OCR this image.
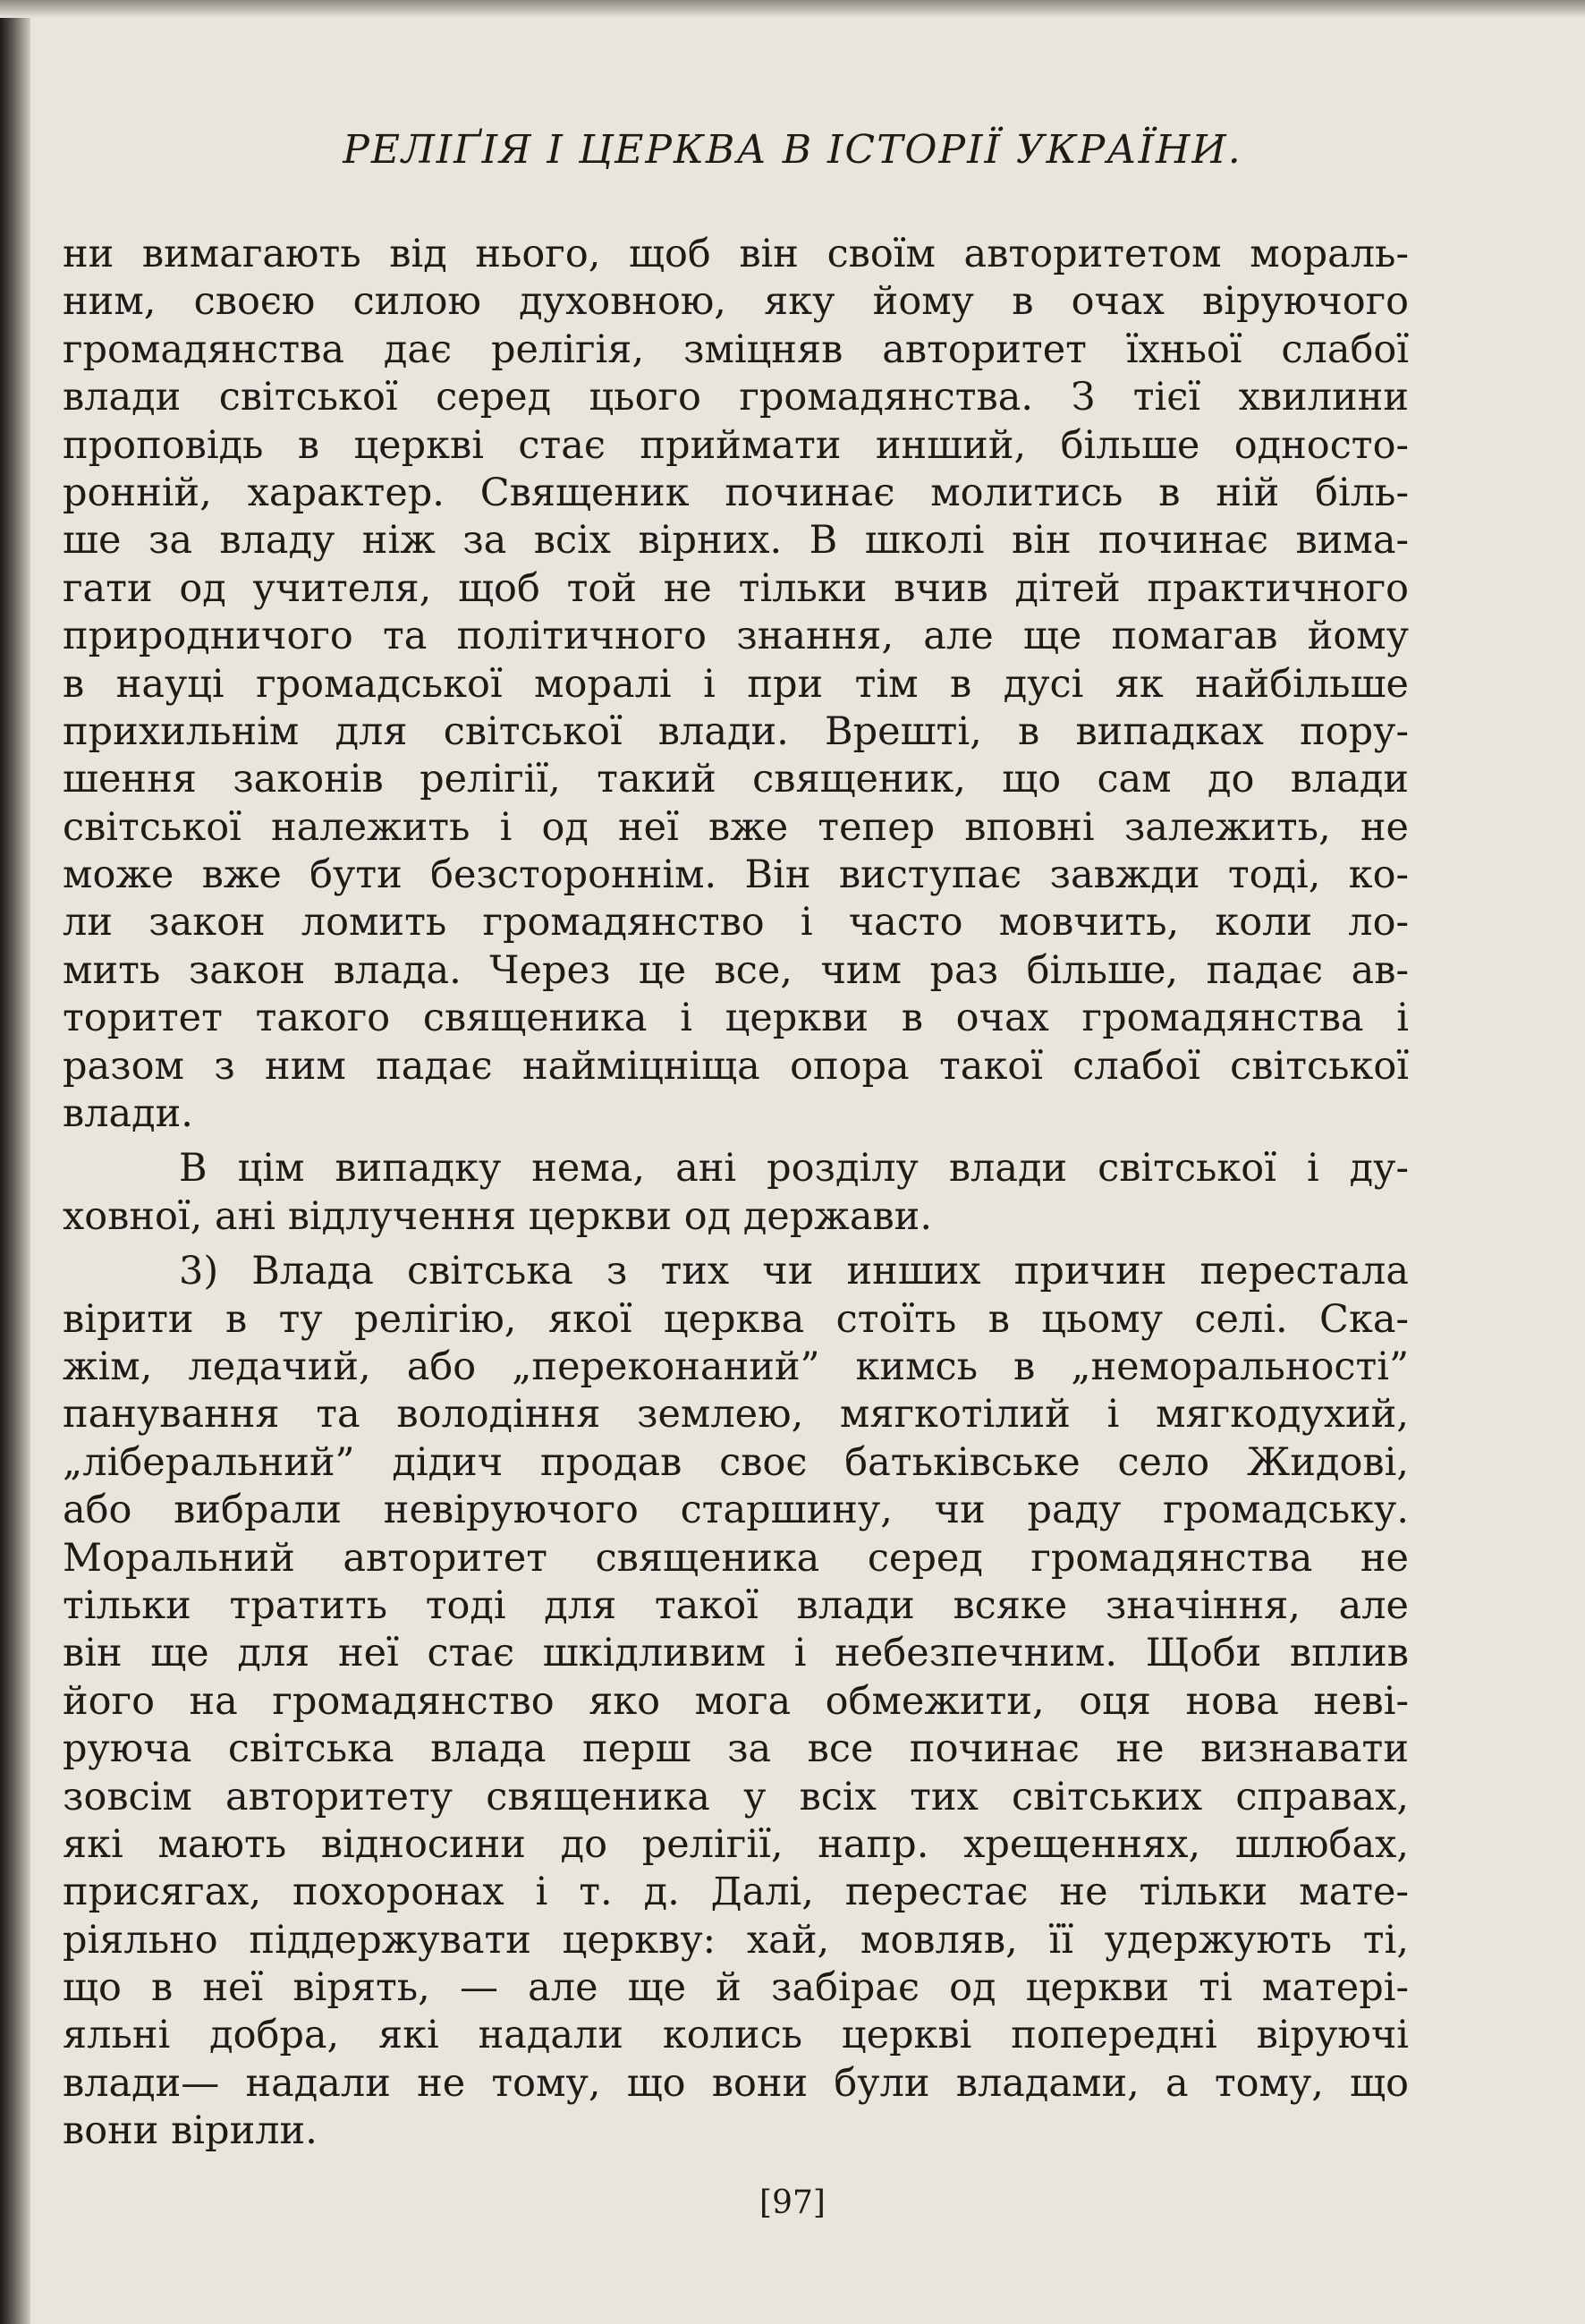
РЕЛІҐІЯ І ЦЕРКВА В ІСТОРІЇ УКРАЇНИ.
ни вимагають від нього, щоб він своїм авторитетом мораль-
ним, своєю силою духовною, яку йому в очах віруючого
громадянства дає релігія, зміцняв авторитет їхньої слабої
влади світської серед цього громадянства. З тієї хвилини
проповідь в церкві стає приймати инший, більше односто-
ронній, характер. Священик починає молитись в ній біль-
ше за владу ніж за всіх вірних. В школі він починає вима-
гати од учителя, щоб той не тільки вчив дітей практичного
природничого та політичного знання, але ще помагав йому
в науці громадської моралі і при тім в дусі як найбільше
прихильнім для світської влади. Врешті, в випадках пору-
шення законів релігії, такий священик, що сам до влади
світської належить і од неї вже тепер вповні залежить, не
може вже бути безстороннім. Він виступає завжди тоді, ко-
ли закон ломить громадянство і часто мовчить, коли ло-
мить закон влада. Через це все, чим раз більше, падає ав-
торитет такого священика і церкви в очах громадянства і
разом з ним падає найміцніща опора такої слабої світської
влади.
В цім випадку нема, ані розділу влади світської і ду-
ховної, ані відлучення церкви од держави.
3) Влада світська з тих чи инших причин перестала
вірити в ту релігію, якої церква стоїть в цьому селі. Ска-
жім, ледачий, або „переконаний” кимсь в „неморальності”
панування та володіння землею, мягкотілий і мягкодухий,
„ліберальний” дідич продав своє батьківське село Жидові,
або вибрали невіруючого старшину, чи раду громадську.
Моральний авторитет священика серед громадянства не
тільки тратить тоді для такої влади всяке значіння, але
він ще для неї стає шкідливим і небезпечним. Щоби вплив
його на громадянство яко мога обмежити, оця нова неві-
руюча світська влада перш за все починає не визнавати
зовсім авторитету священика у всіх тих світських справах,
які мають відносини до релігії, напр. хрещеннях, шлюбах,
присягах, похоронах і т. д. Далі, перестає не тільки мате-
ріяльно піддержувати церкву: хай, мовляв, її удержують ті,
що в неї вірять, — але ще й забірає од церкви ті матері-
яльні добра, які надали колись церкві попередні віруючі
влади— надали не тому, що вони були владами, а тому, що
вони вірили.
[97]
